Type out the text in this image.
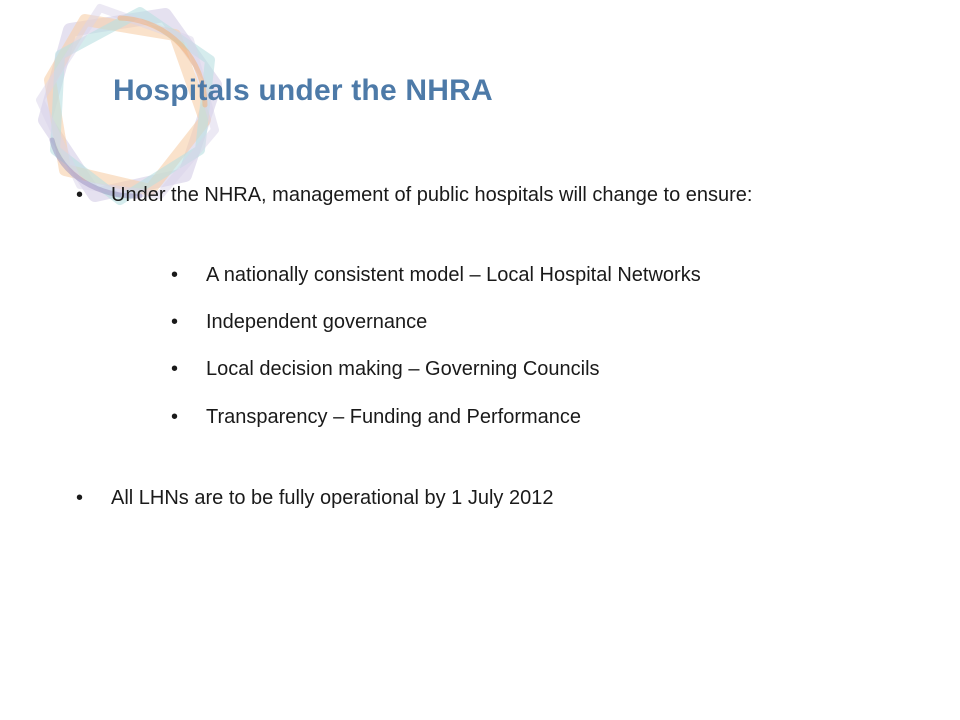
Hospitals under the NHRA
• Under the NHRA, management of public hospitals will change to ensure:
• A nationally consistent model – Local Hospital Networks
• Independent governance
• Local decision making – Governing Councils
• Transparency – Funding and Performance
• All LHNs are to be fully operational by 1 July 2012
